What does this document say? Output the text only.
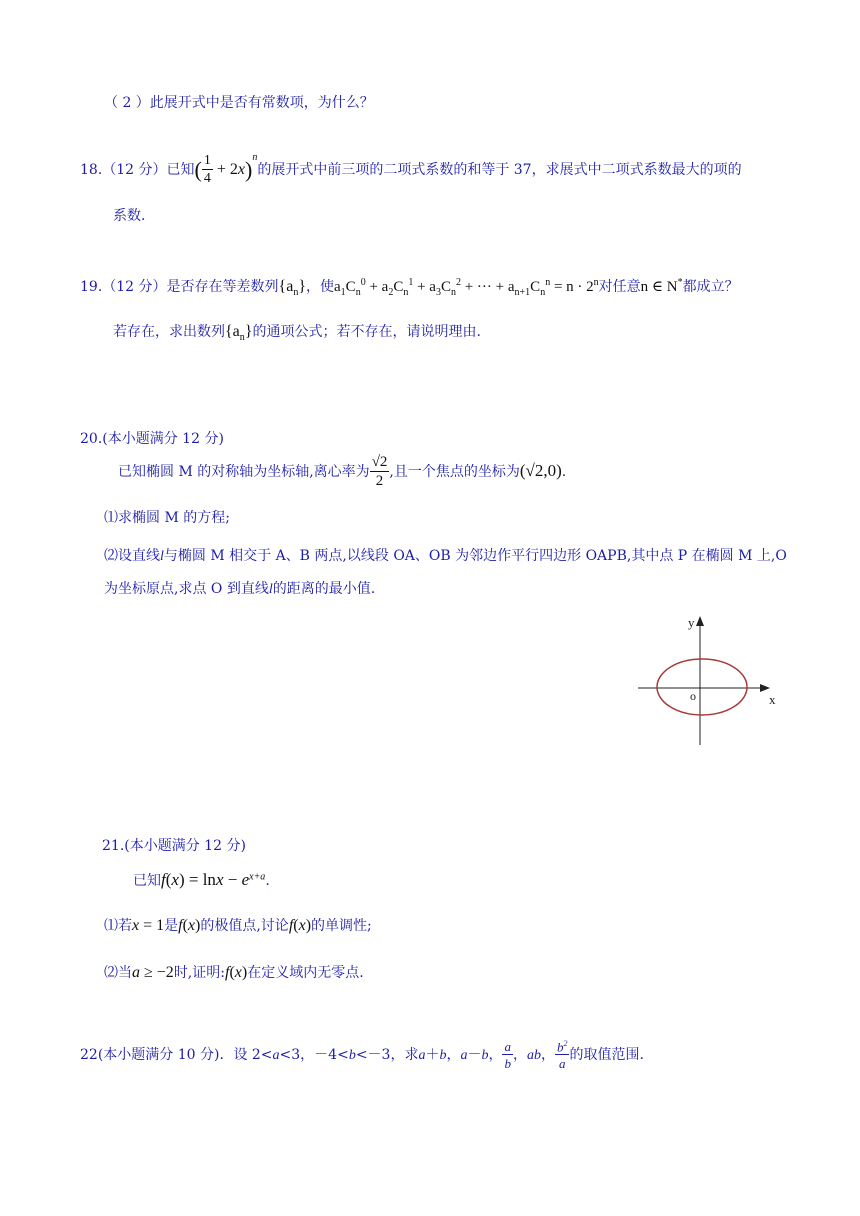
（ 2 ）此展开式中是否有常数项，为什么？
18.（12 分）已知( $\frac{1}{4} + 2x)^n$的展开式中前三项的二项式系数的和等于 37，求展式中二项式系数最大的项的
系数.
19.（12 分）是否存在等差数列$\{a_n\}$，使$a_1C_n^0 + a_2C_n^1 + a_3C_n^2$ + ··· + $a_{n+1}C_n^n = n \cdot 2^n$对任意n ∈ N*都成立？
若存在，求出数列$\{a_n\}$的通项公式；若不存在，请说明理由.
20.(本小题满分 12 分)
已知椭圆 M 的对称轴为坐标轴,离心率为 $\frac{√2}{2}$ ,且一个焦点的坐标为(√2,0).
⑴求椭圆 M 的方程;
⑵设直线l与椭圆 M 相交于 A、B 两点,以线段 OA、OB 为邻边作平行四边形 OAPB,其中点 P 在椭圆 M 上,O
为坐标原点,求点 O 到直线l的距离的最小值.
y
x
o
21.(本小题满分 12 分)
已知$f(x) = \ln x - e^{x+a}$.
⑴若x = 1是f(x)的极值点,讨论f(x)的单调性;
⑵当a ≥ −2时,证明:f(x)在定义域内无零点.
22(本小题满分 10 分)．设 2<a<3，－4<b<－3，求a＋b，a－b， $\frac{a}{b}$ ，ab， $\frac{b^2}{a}$ 的取值范围.
